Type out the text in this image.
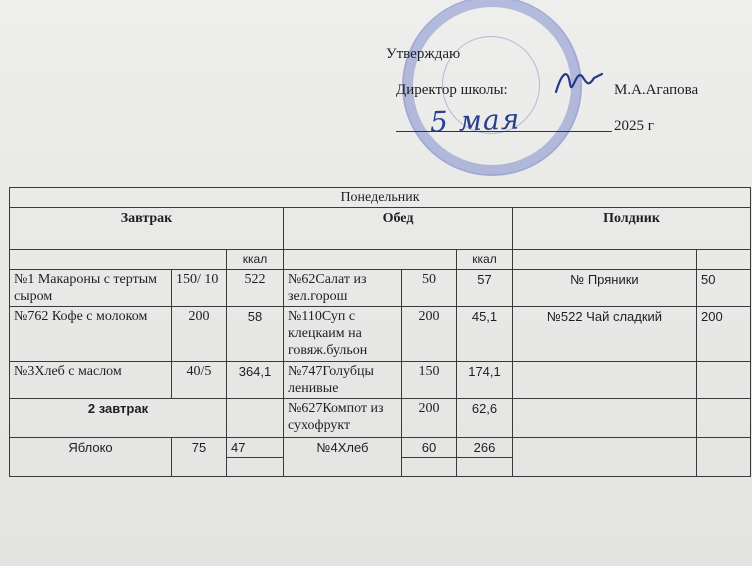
Утверждаю
Директор школы:	М.А.Агапова
5 мая	2025 г
Понедельник							
Завтрак			Обед			Полдник	
		ккал			ккал		
№1 Макароны с тертым сыром	150/ 10	522	№62Салат из зел.горош	50	57	№ Пряники	50
№762 Кофе с молоком	200	58	№110Суп с клецкаим на говяж.бульон	200	45,1	№522 Чай сладкий	200
№3Хлеб с маслом	40/5	364,1	№747Голубцы ленивые	150	174,1		
2 завтрак			№627Компот из сухофрукт	200	62,6		
Яблоко	75	47	№4Хлеб	60	266		
